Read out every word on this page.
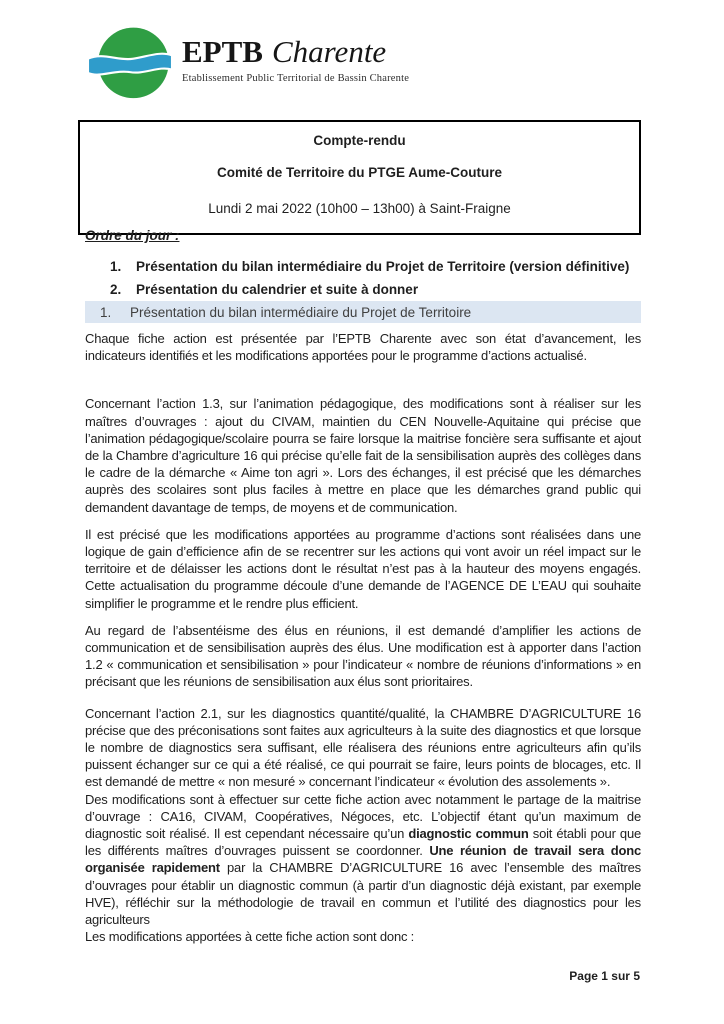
EPTB Charente
Etablissement Public Territorial de Bassin Charente

Compte-rendu

Comité de Territoire du PTGE Aume-Couture

Lundi 2 mai 2022 (10h00 – 13h00) à Saint-Fraigne

Ordre du jour :
1.	Présentation du bilan intermédiaire du Projet de Territoire (version définitive)
2.	Présentation du calendrier et suite à donner
1.	Présentation du bilan intermédiaire du Projet de Territoire

Chaque fiche action est présentée par l’EPTB Charente avec son état d’avancement, les indicateurs identifiés et les modifications apportées pour le programme d’actions actualisé.

Concernant l’action 1.3, sur l’animation pédagogique, des modifications sont à réaliser sur les maîtres d’ouvrages : ajout du CIVAM, maintien du CEN Nouvelle-Aquitaine qui précise que l’animation pédagogique/scolaire pourra se faire lorsque la maitrise foncière sera suffisante et ajout de la Chambre d’agriculture 16 qui précise qu’elle fait de la sensibilisation auprès des collèges dans le cadre de la démarche « Aime ton agri ». Lors des échanges, il est précisé que les démarches auprès des scolaires sont plus faciles à mettre en place que les démarches grand public qui demandent davantage de temps, de moyens et de communication.

Il est précisé que les modifications apportées au programme d’actions sont réalisées dans une logique de gain d’efficience afin de se recentrer sur les actions qui vont avoir un réel impact sur le territoire et de délaisser les actions dont le résultat n’est pas à la hauteur des moyens engagés. Cette actualisation du programme découle d’une demande de l’AGENCE DE L’EAU qui souhaite simplifier le programme et le rendre plus efficient.

Au regard de l’absentéisme des élus en réunions, il est demandé d’amplifier les actions de communication et de sensibilisation auprès des élus. Une modification est à apporter dans l’action 1.2 « communication et sensibilisation » pour l’indicateur « nombre de réunions d’informations » en précisant que les réunions de sensibilisation aux élus sont prioritaires.

Concernant l’action 2.1, sur les diagnostics quantité/qualité, la CHAMBRE D’AGRICULTURE 16 précise que des préconisations sont faites aux agriculteurs à la suite des diagnostics et que lorsque le nombre de diagnostics sera suffisant, elle réalisera des réunions entre agriculteurs afin qu’ils puissent échanger sur ce qui a été réalisé, ce qui pourrait se faire, leurs points de blocages, etc. Il est demandé de mettre « non mesuré » concernant l’indicateur « évolution des assolements ».

Des modifications sont à effectuer sur cette fiche action avec notamment le partage de la maitrise d’ouvrage : CA16, CIVAM, Coopératives, Négoces, etc. L’objectif étant qu’un maximum de diagnostic soit réalisé. Il est cependant nécessaire qu’un diagnostic commun soit établi pour que les différents maîtres d’ouvrages puissent se coordonner. Une réunion de travail sera donc organisée rapidement par la CHAMBRE D’AGRICULTURE 16 avec l’ensemble des maîtres d’ouvrages pour établir un diagnostic commun (à partir d’un diagnostic déjà existant, par exemple HVE), réfléchir sur la méthodologie de travail en commun et l’utilité des diagnostics pour les agriculteurs

Les modifications apportées à cette fiche action sont donc :

Page 1 sur 5
